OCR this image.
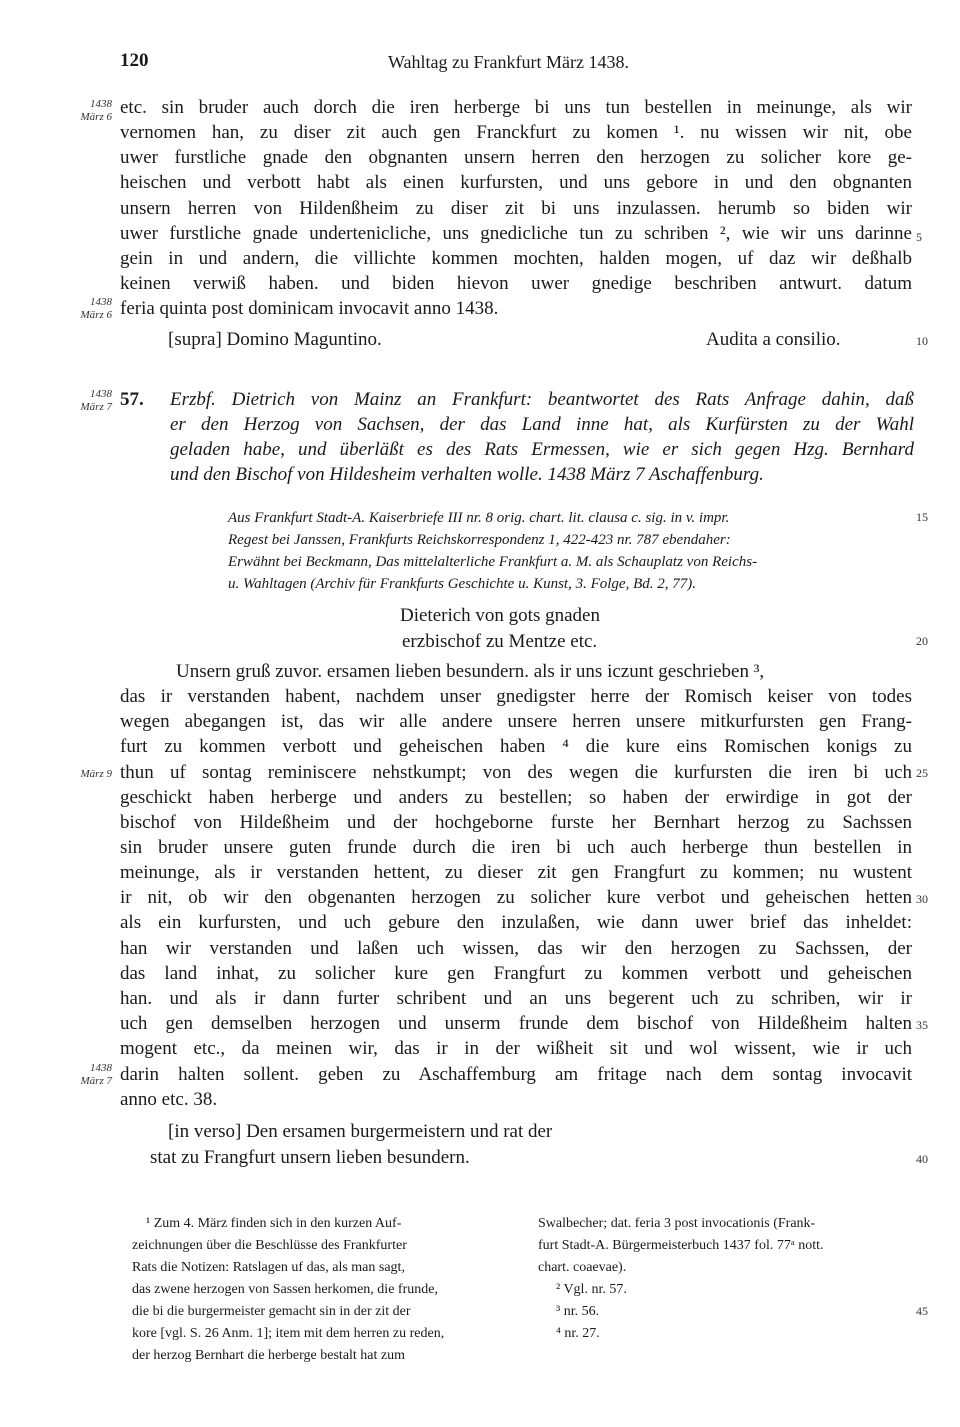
120	Wahltag zu Frankfurt März 1438.
1438
März 6
1438
März 6
1438
März 7
März 9
1438
März 7
5
10
15
20
25
30
35
40
45
etc. sin bruder auch dorch die iren herberge bi uns tun bestellen in meinunge, als wir
vernomen han, zu diser zit auch gen Franckfurt zu komen ¹. nu wissen wir nit, obe
uwer furstliche gnade den obgnanten unsern herren den herzogen zu solicher kore ge-
heischen und verbott habt als einen kurfursten, und uns gebore in und den obgnanten
unsern herren von Hildenßheim zu diser zit bi uns inzulassen. herumb so biden wir
uwer furstliche gnade undertenicliche, uns gnedicliche tun zu schriben ², wie wir uns darinne
gein in und andern, die villichte kommen mochten, halden mogen, uf daz wir deßhalb
keinen verwiß haben. und biden hievon uwer gnedige beschriben antwurt. datum
feria quinta post dominicam invocavit anno 1438.
[supra] Domino Maguntino.	Audita a consilio.
57. Erzbf. Dietrich von Mainz an Frankfurt: beantwortet des Rats Anfrage dahin, daß
er den Herzog von Sachsen, der das Land inne hat, als Kurfürsten zu der Wahl
geladen habe, und überläßt es des Rats Ermessen, wie er sich gegen Hzg. Bernhard
und den Bischof von Hildesheim verhalten wolle. 1438 März 7 Aschaffenburg.
Aus Frankfurt Stadt-A. Kaiserbriefe III nr. 8 orig. chart. lit. clausa c. sig. in v. impr.
Regest bei Janssen, Frankfurts Reichskorrespondenz 1, 422-423 nr. 787 ebendaher:
Erwähnt bei Beckmann, Das mittelalterliche Frankfurt a. M. als Schauplatz von Reichs-
u. Wahltagen (Archiv für Frankfurts Geschichte u. Kunst, 3. Folge, Bd. 2, 77).
Dieterich von gots gnaden
erzbischof zu Mentze etc.
Unsern gruß zuvor. ersamen lieben besundern. als ir uns iczunt geschrieben ³,
das ir verstanden habent, nachdem unser gnedigster herre der Romisch keiser von todes
wegen abegangen ist, das wir alle andere unsere herren unsere mitkurfursten gen Frang-
furt zu kommen verbott und geheischen haben ⁴ die kure eins Romischen konigs zu
thun uf sontag reminiscere nehstkumpt; von des wegen die kurfursten die iren bi uch
geschickt haben herberge und anders zu bestellen; so haben der erwirdige in got der
bischof von Hildeßheim und der hochgeborne furste her Bernhart herzog zu Sachssen
sin bruder unsere guten frunde durch die iren bi uch auch herberge thun bestellen in
meinunge, als ir verstanden hettent, zu dieser zit gen Frangfurt zu kommen; nu wustent
ir nit, ob wir den obgenanten herzogen zu solicher kure verbot und geheischen hetten
als ein kurfursten, und uch gebure den inzulaßen, wie dann uwer brief das inheldet:
han wir verstanden und laßen uch wissen, das wir den herzogen zu Sachssen, der
das land inhat, zu solicher kure gen Frangfurt zu kommen verbott und geheischen
han. und als ir dann furter schribent und an uns begerent uch zu schriben, wir ir
uch gen demselben herzogen und unserm frunde dem bischof von Hildeßheim halten
mogent etc., da meinen wir, das ir in der wißheit sit und wol wissent, wie ir uch
darin halten sollent. geben zu Aschaffemburg am fritage nach dem sontag invocavit
anno etc. 38.
[in verso] Den ersamen burgermeistern und rat der
stat zu Frangfurt unsern lieben besundern.
¹ Zum 4. März finden sich in den kurzen Auf-
zeichnungen über die Beschlüsse des Frankfurter
Rats die Notizen: Ratslagen uf das, als man sagt,
das zwene herzogen von Sassen herkomen, die frunde,
die bi die burgermeister gemacht sin in der zit der
kore [vgl. S. 26 Anm. 1]; item mit dem herren zu reden,
der herzog Bernhart die herberge bestalt hat zum
Swalbecher; dat. feria 3 post invocationis (Frank-
furt Stadt-A. Bürgermeisterbuch 1437 fol. 77ᵃ nott.
chart. coaevae).
² Vgl. nr. 57.
³ nr. 56.
⁴ nr. 27.
